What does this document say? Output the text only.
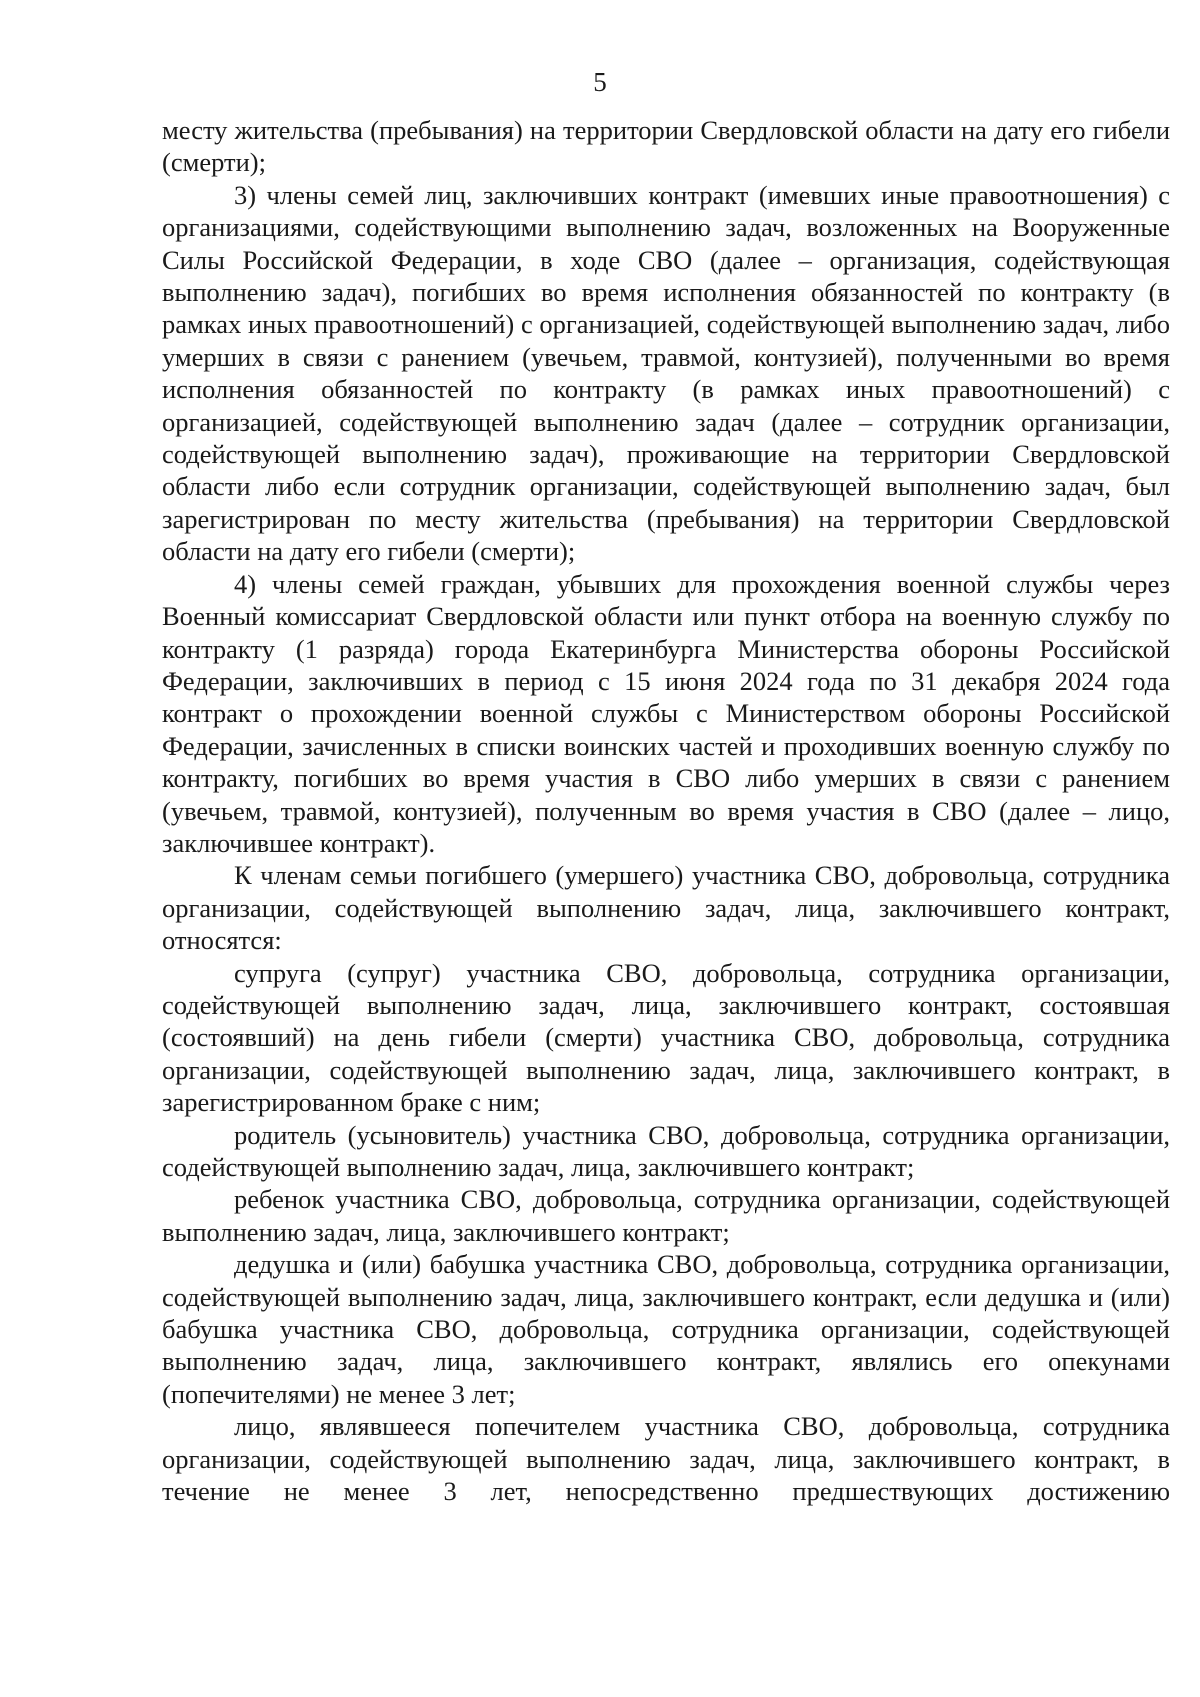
5

месту жительства (пребывания) на территории Свердловской области на дату его гибели (смерти);

3) члены семей лиц, заключивших контракт (имевших иные правоотношения) с организациями, содействующими выполнению задач, возложенных на Вооруженные Силы Российской Федерации, в ходе СВО (далее – организация, содействующая выполнению задач), погибших во время исполнения обязанностей по контракту (в рамках иных правоотношений) с организацией, содействующей выполнению задач, либо умерших в связи с ранением (увечьем, травмой, контузией), полученными во время исполнения обязанностей по контракту (в рамках иных правоотношений) с организацией, содействующей выполнению задач (далее – сотрудник организации, содействующей выполнению задач), проживающие на территории Свердловской области либо если сотрудник организации, содействующей выполнению задач, был зарегистрирован по месту жительства (пребывания) на территории Свердловской области на дату его гибели (смерти);

4) члены семей граждан, убывших для прохождения военной службы через Военный комиссариат Свердловской области или пункт отбора на военную службу по контракту (1 разряда) города Екатеринбурга Министерства обороны Российской Федерации, заключивших в период с 15 июня 2024 года по 31 декабря 2024 года контракт о прохождении военной службы с Министерством обороны Российской Федерации, зачисленных в списки воинских частей и проходивших военную службу по контракту, погибших во время участия в СВО либо умерших в связи с ранением (увечьем, травмой, контузией), полученным во время участия в СВО (далее – лицо, заключившее контракт).

К членам семьи погибшего (умершего) участника СВО, добровольца, сотрудника организации, содействующей выполнению задач, лица, заключившего контракт, относятся:

супруга (супруг) участника СВО, добровольца, сотрудника организации, содействующей выполнению задач, лица, заключившего контракт, состоявшая (состоявший) на день гибели (смерти) участника СВО, добровольца, сотрудника организации, содействующей выполнению задач, лица, заключившего контракт, в зарегистрированном браке с ним;

родитель (усыновитель) участника СВО, добровольца, сотрудника организации, содействующей выполнению задач, лица, заключившего контракт;

ребенок участника СВО, добровольца, сотрудника организации, содействующей выполнению задач, лица, заключившего контракт;

дедушка и (или) бабушка участника СВО, добровольца, сотрудника организации, содействующей выполнению задач, лица, заключившего контракт, если дедушка и (или) бабушка участника СВО, добровольца, сотрудника организации, содействующей выполнению задач, лица, заключившего контракт, являлись его опекунами (попечителями) не менее 3 лет;

лицо, являвшееся попечителем участника СВО, добровольца, сотрудника организации, содействующей выполнению задач, лица, заключившего контракт, в течение не менее 3 лет, непосредственно предшествующих достижению
